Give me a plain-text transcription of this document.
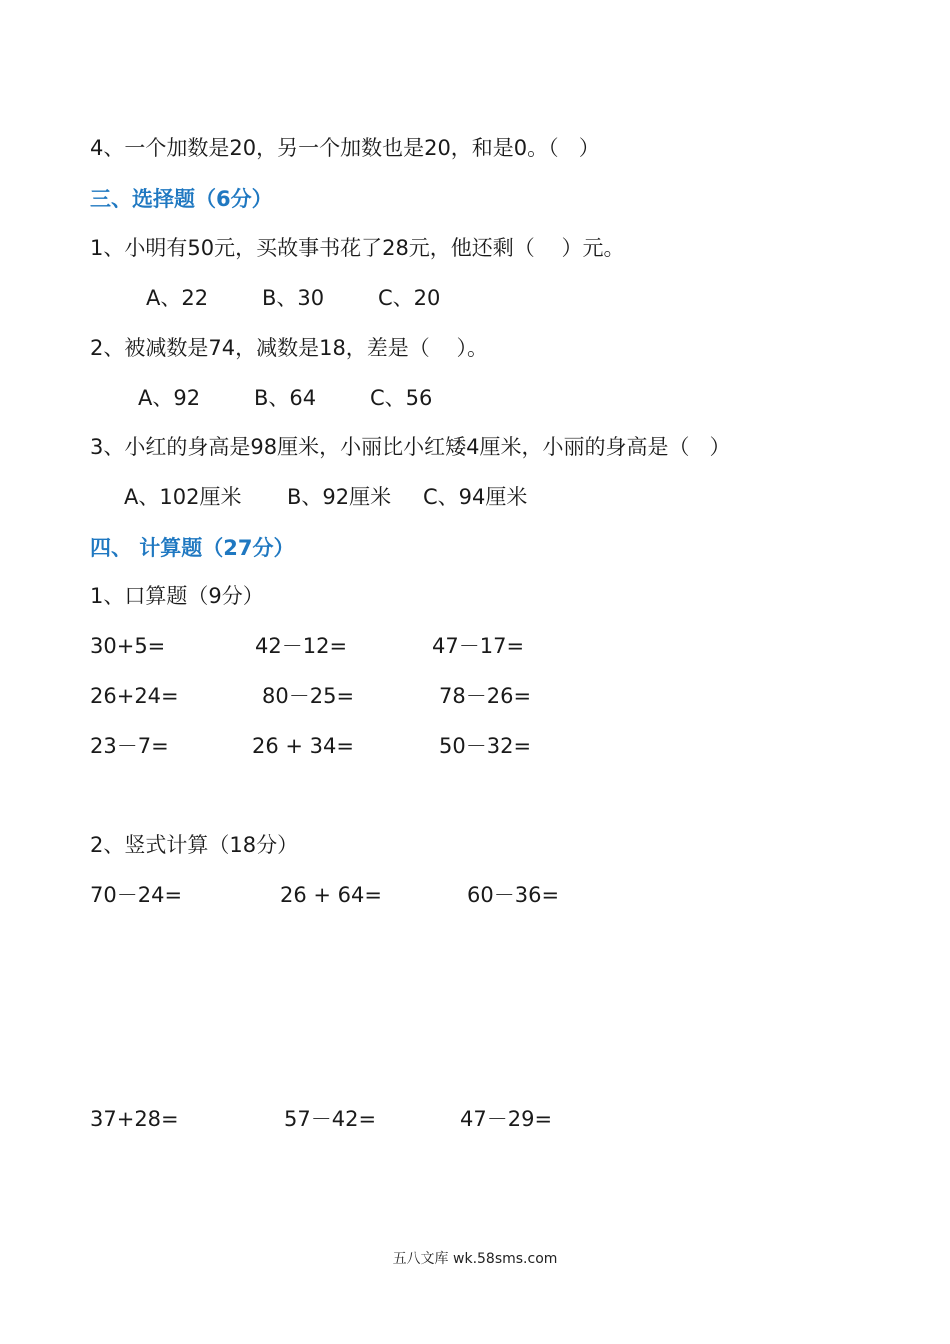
4、一个加数是20，另一个加数也是20，和是0。（   ）
三、选择题（6分）
1、小明有50元，买故事书花了28元，他还剩（    ）元。
A、22	B、30	C、20
2、被减数是74，减数是18，差是（    ）。
A、92	B、64	C、56
3、小红的身高是98厘米，小丽比小红矮4厘米，小丽的身高是（   ）
A、102厘米 B、92厘米 C、94厘米
四、 计算题（27分）
1、口算题（9分）
30+5=	42－12=	47－17=
26+24=	80－25=	78－26=
23－7=	26 + 34=	50－32=
2、竖式计算（18分）
70－24=	26 + 64=	60－36=
37+28=	57－42=	47－29=
五八文库 wk.58sms.com
